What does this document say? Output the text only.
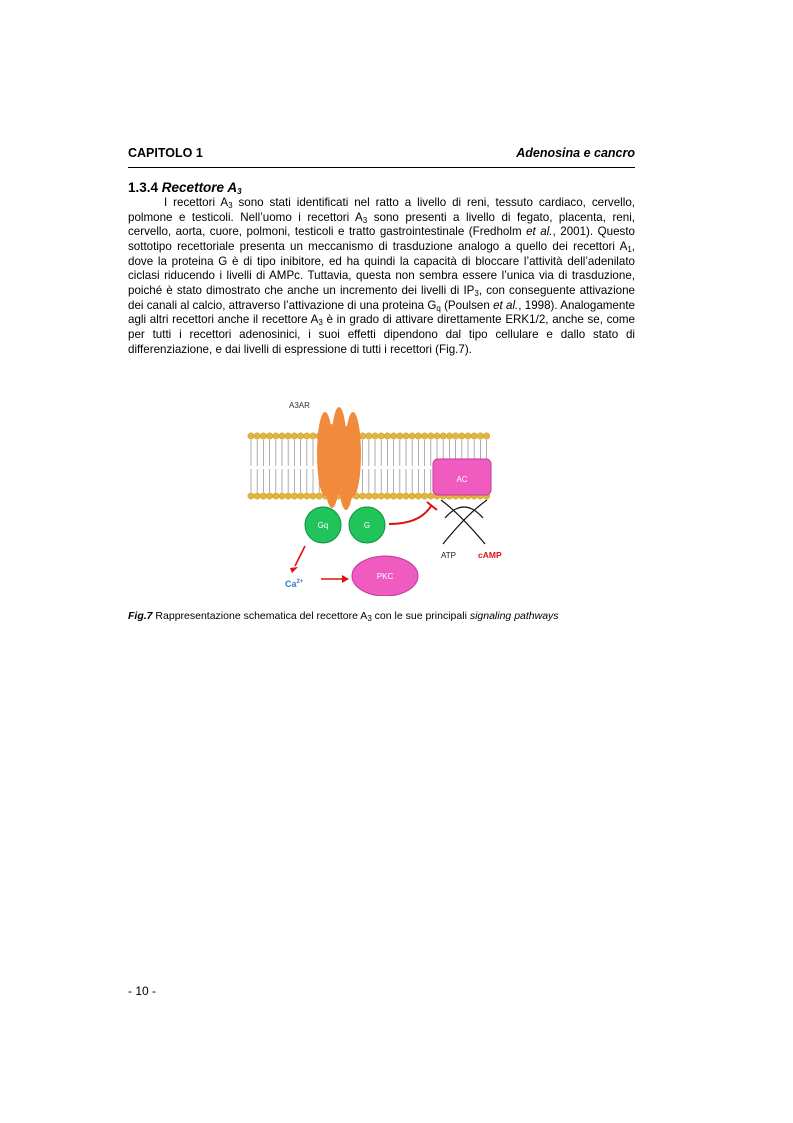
CAPITOLO 1	Adenosina e cancro
1.3.4 Recettore $A_3$
I recettori $A_3$ sono stati identificati nel ratto a livello di reni, tessuto cardiaco, cervello, polmone e testicoli. Nell’uomo i recettori $A_3$ sono presenti a livello di fegato, placenta, reni, cervello, aorta, cuore, polmoni, testicoli e tratto gastrointestinale (Fredholm et al., 2001). Questo sottotipo recettoriale presenta un meccanismo di trasduzione analogo a quello dei recettori $A_1$, dove la proteina G è di tipo inibitore, ed ha quindi la capacità di bloccare l’attività dell’adenilato ciclasi riducendo i livelli di AMPc. Tuttavia, questa non sembra essere l’unica via di trasduzione, poiché è stato dimostrato che anche un incremento dei livelli di $IP_3$, con conseguente attivazione dei canali al calcio, attraverso l’attivazione di una proteina $G_q$ (Poulsen et al., 1998). Analogamente agli altri recettori anche il recettore $A_3$ è in grado di attivare direttamente ERK1/2, anche se, come per tutti i recettori adenosinici, i suoi effetti dipendono dal tipo cellulare e dallo stato di differenziazione, e dai livelli di espressione di tutti i recettori (Fig.7).
A3AR
AC
Gq	G
ATP	cAMP
$Ca^{2+}$
PKC
Fig.7 Rappresentazione schematica del recettore $A_3$ con le sue principali signaling pathways
- 10 -
